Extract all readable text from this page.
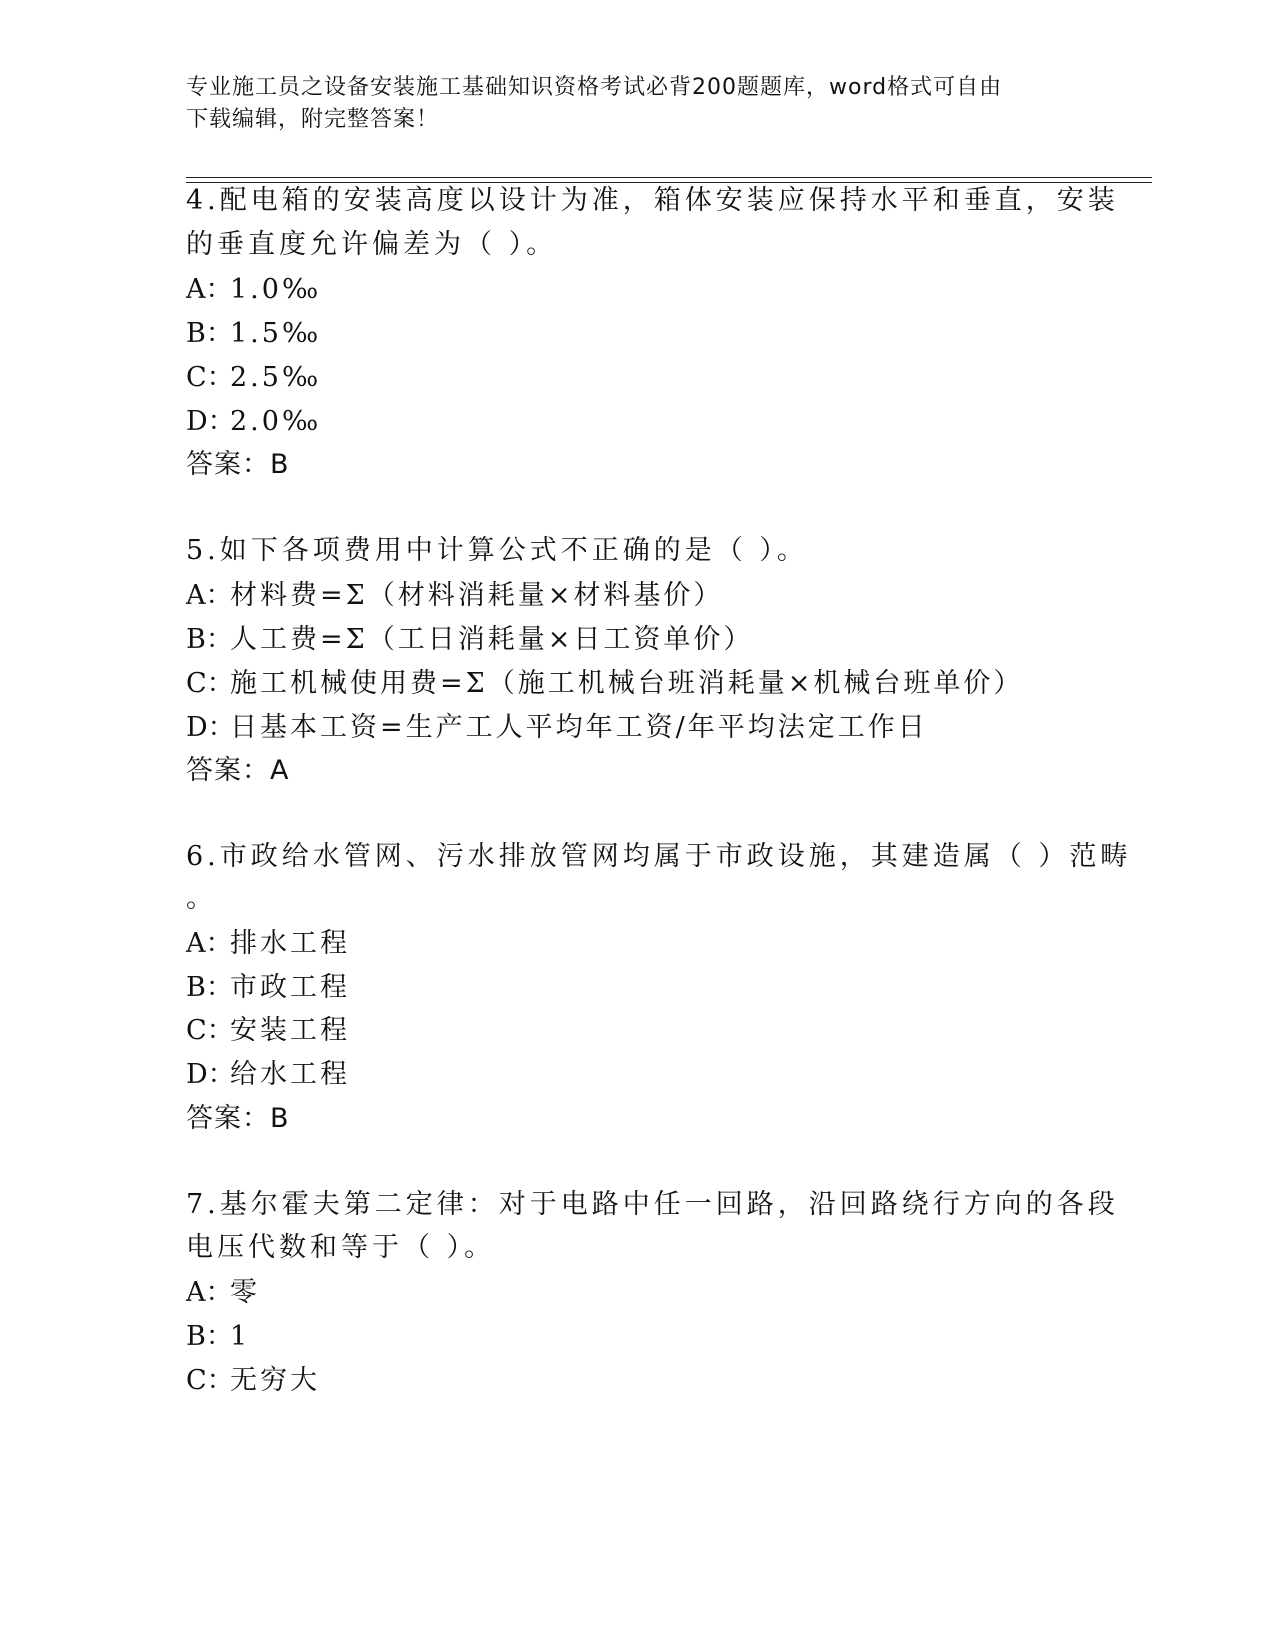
专业施工员之设备安装施工基础知识资格考试必背200题题库，word格式可自由
下载编辑，附完整答案！
4.配电箱的安装高度以设计为准，箱体安装应保持水平和垂直，安装
的垂直度允许偏差为（ ）。
A：1.0‰
B：1.5‰
C：2.5‰
D：2.0‰
答案：B
5.如下各项费用中计算公式不正确的是（ ）。
A：材料费=Σ（材料消耗量×材料基价）
B：人工费=Σ（工日消耗量×日工资单价）
C：施工机械使用费=Σ（施工机械台班消耗量×机械台班单价）
D：日基本工资=生产工人平均年工资/年平均法定工作日
答案：A
6.市政给水管网、污水排放管网均属于市政设施，其建造属（ ）范畴
。
A：排水工程
B：市政工程
C：安装工程
D：给水工程
答案：B
7.基尔霍夫第二定律：对于电路中任一回路，沿回路绕行方向的各段
电压代数和等于（ ）。
A：零
B：1
C：无穷大
